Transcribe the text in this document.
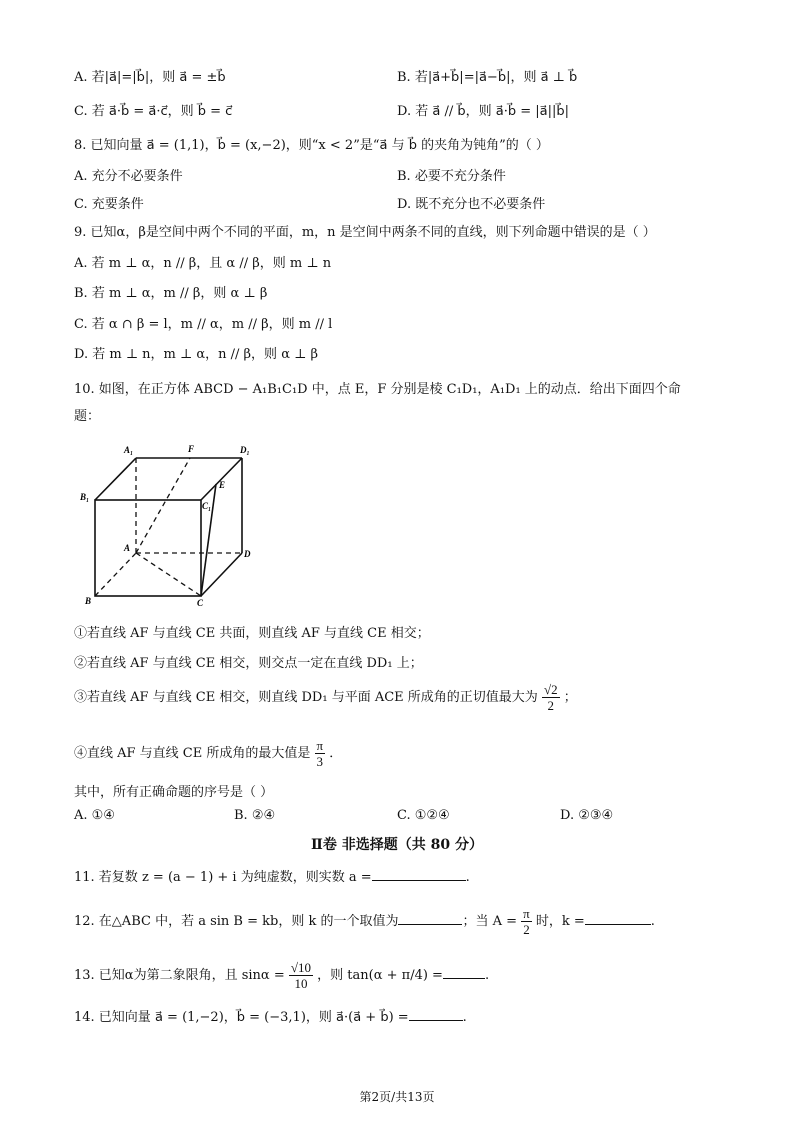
A. 若|a⃗|=|b⃗|，则 a⃗ = ±b⃗	B. 若|a⃗+b⃗|=|a⃗−b⃗|，则 a⃗ ⊥ b⃗
C. 若 a⃗·b⃗ = a⃗·c⃗，则 b⃗ = c⃗	D. 若 a⃗ // b⃗，则 a⃗·b⃗ = |a⃗||b⃗|
8. 已知向量 a⃗ = (1,1)，b⃗ = (x,−2)，则“x < 2”是“a⃗ 与 b⃗ 的夹角为钝角”的（ ）
A. 充分不必要条件	B. 必要不充分条件
C. 充要条件	D. 既不充分也不必要条件
9. 已知α，β是空间中两个不同的平面，m，n 是空间中两条不同的直线，则下列命题中错误的是（ ）
A. 若 m ⊥ α，n // β，且 α // β，则 m ⊥ n
B. 若 m ⊥ α，m // β，则 α ⊥ β
C. 若 α ∩ β = l，m // α，m // β，则 m // l
D. 若 m ⊥ n，m ⊥ α，n // β，则 α ⊥ β
10. 如图，在正方体 ABCD − A₁B₁C₁D 中，点 E，F 分别是棱 C₁D₁，A₁D₁ 上的动点．给出下面四个命
题：
A₁	F	D₁
B₁
E
C₁
A
D
B	C
①若直线 AF 与直线 CE 共面，则直线 AF 与直线 CE 相交；
②若直线 AF 与直线 CE 相交，则交点一定在直线 DD₁ 上；
③若直线 AF 与直线 CE 相交，则直线 DD₁ 与平面 ACE 所成角的正切值最大为 $\frac{√2}{2}$ ；
④直线 AF 与直线 CE 所成角的最大值是 $\frac{\pi}{3}$ ．
其中，所有正确命题的序号是（ ）
A. ①④	B. ②④	C. ①②④	D. ②③④
Ⅱ卷 非选择题（共 80 分）
11. 若复数 z = (a − 1) + i 为纯虚数，则实数 a =	.
12. 在△ABC 中，若 a sin B = kb，则 k 的一个取值为	；当 $A = \frac{\pi}{2}$ 时，k =	.
13. 已知α为第二象限角，且 $\sin\alpha = \frac{√10}{10}$ ，则 tan(α + π/4) =	.
14. 已知向量 a⃗ = (1,−2)，b⃗ = (−3,1)，则 a⃗·(a⃗ + b⃗) =	.
第2页/共13页
